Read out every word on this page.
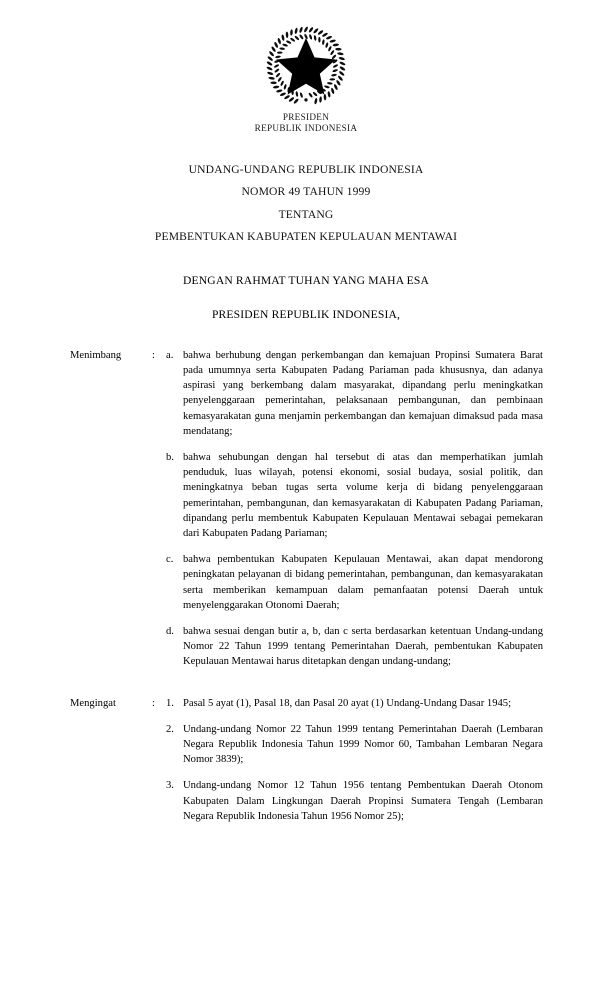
PRESIDEN
REPUBLIK INDONESIA
UNDANG-UNDANG REPUBLIK INDONESIA
NOMOR 49 TAHUN 1999
TENTANG
PEMBENTUKAN KABUPATEN KEPULAUAN MENTAWAI
DENGAN RAHMAT TUHAN YANG MAHA ESA
PRESIDEN REPUBLIK INDONESIA,
Menimbang	:	a. bahwa berhubung dengan perkembangan dan kemajuan Propinsi Sumatera Barat pada umumnya serta Kabupaten Padang Pariaman pada khususnya, dan adanya aspirasi yang berkembang dalam masyarakat, dipandang perlu meningkatkan penyelenggaraan pemerintahan, pelaksanaan pembangunan, dan pembinaan kemasyarakatan guna menjamin perkembangan dan kemajuan dimaksud pada masa mendatang;
b. bahwa sehubungan dengan hal tersebut di atas dan memperhatikan jumlah penduduk, luas wilayah, potensi ekonomi, sosial budaya, sosial politik, dan meningkatnya beban tugas serta volume kerja di bidang penyelenggaraan pemerintahan, pembangunan, dan kemasyarakatan di Kabupaten Padang Pariaman, dipandang perlu membentuk Kabupaten Kepulauan Mentawai sebagai pemekaran dari Kabupaten Padang Pariaman;
c. bahwa pembentukan Kabupaten Kepulauan Mentawai, akan dapat mendorong peningkatan pelayanan di bidang pemerintahan, pembangunan, dan kemasyarakatan serta memberikan kemampuan dalam pemanfaatan potensi Daerah untuk menyelenggarakan Otonomi Daerah;
d. bahwa sesuai dengan butir a, b, dan c serta berdasarkan ketentuan Undang-undang Nomor 22 Tahun 1999 tentang Pemerintahan Daerah, pembentukan Kabupaten Kepulauan Mentawai harus ditetapkan dengan undang-undang;
Mengingat	:	1. Pasal 5 ayat (1), Pasal 18, dan Pasal 20 ayat (1) Undang-Undang Dasar 1945;
2. Undang-undang Nomor 22 Tahun 1999 tentang Pemerintahan Daerah (Lembaran Negara Republik Indonesia Tahun 1999 Nomor 60, Tambahan Lembaran Negara Nomor 3839);
3. Undang-undang Nomor 12 Tahun 1956 tentang Pembentukan Daerah Otonom Kabupaten Dalam Lingkungan Daerah Propinsi Sumatera Tengah (Lembaran Negara Republik Indonesia Tahun 1956 Nomor 25);
